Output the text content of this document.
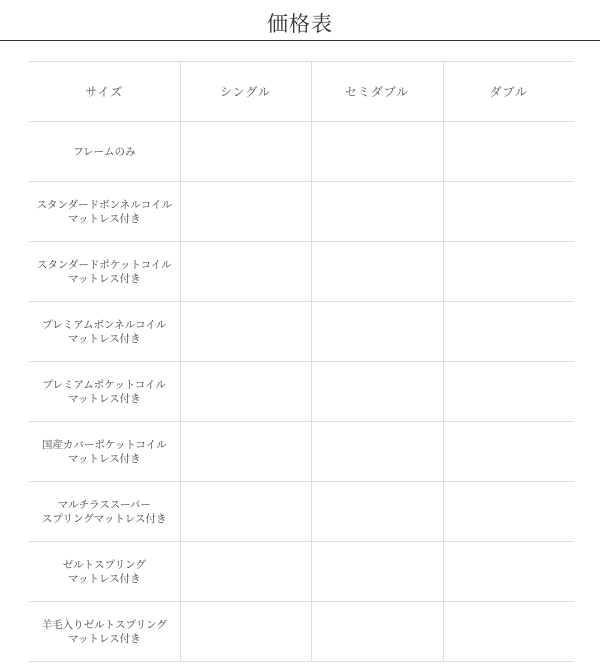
価格表
サイズ	シングル	セミダブル	ダブル

フレームのみ			

スタンダードボンネルコイル
マットレス付き			

スタンダードポケットコイル
マットレス付き			

プレミアムボンネルコイル
マットレス付き			

プレミアムポケットコイル
マットレス付き			

国産カバーポケットコイル
マットレス付き			

マルチラススーパー
スプリングマットレス付き			

ゼルトスプリング
マットレス付き			

羊毛入りゼルトスプリング
マットレス付き			
